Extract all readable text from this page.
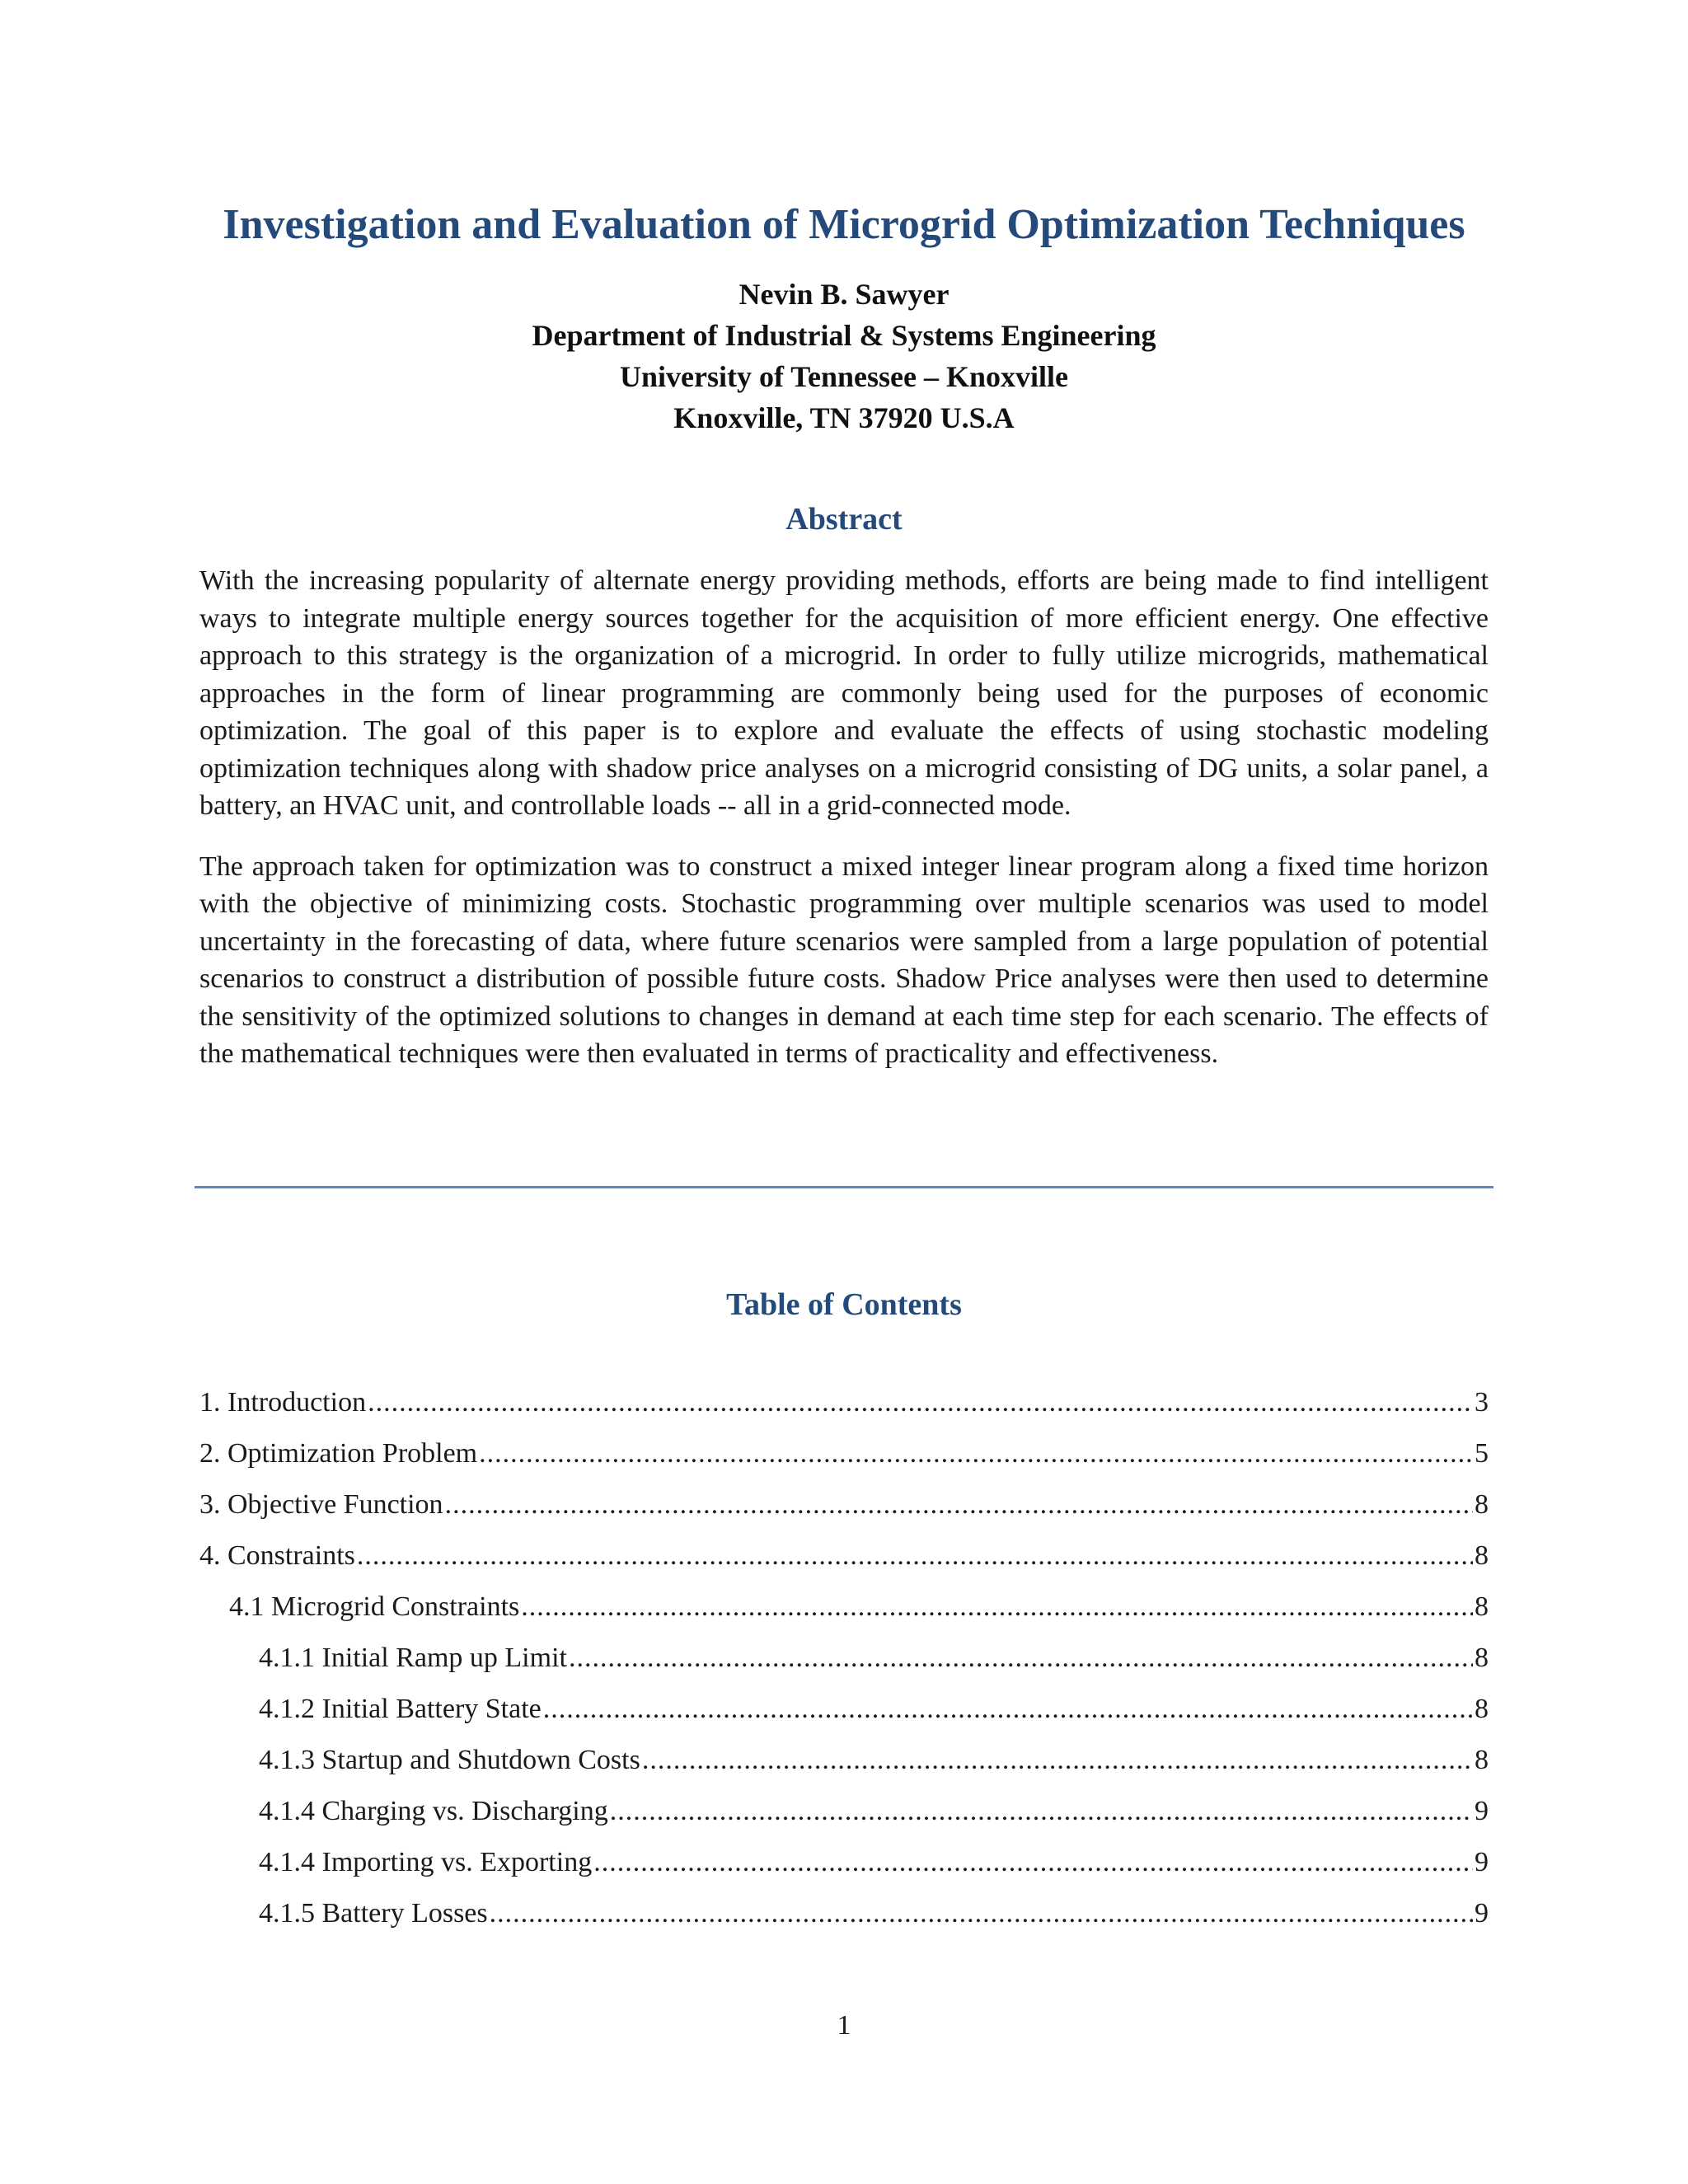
Investigation and Evaluation of Microgrid Optimization Techniques
Nevin B. Sawyer
Department of Industrial & Systems Engineering
University of Tennessee – Knoxville
Knoxville, TN 37920 U.S.A
Abstract

With the increasing popularity of alternate energy providing methods, efforts are being made to find intelligent ways to integrate multiple energy sources together for the acquisition of more efficient energy. One effective approach to this strategy is the organization of a microgrid. In order to fully utilize microgrids, mathematical approaches in the form of linear programming are commonly being used for the purposes of economic optimization. The goal of this paper is to explore and evaluate the effects of using stochastic modeling optimization techniques along with shadow price analyses on a microgrid consisting of DG units, a solar panel, a battery, an HVAC unit, and controllable loads -- all in a grid-connected mode.

The approach taken for optimization was to construct a mixed integer linear program along a fixed time horizon with the objective of minimizing costs. Stochastic programming over multiple scenarios was used to model uncertainty in the forecasting of data, where future scenarios were sampled from a large population of potential scenarios to construct a distribution of possible future costs. Shadow Price analyses were then used to determine the sensitivity of the optimized solutions to changes in demand at each time step for each scenario. The effects of the mathematical techniques were then evaluated in terms of practicality and effectiveness.

Table of Contents
1. Introduction .....	3
2. Optimization Problem .....	5
3. Objective Function .....	8
4. Constraints .....	8
4.1 Microgrid Constraints .....	8
4.1.1 Initial Ramp up Limit .....	8
4.1.2 Initial Battery State .....	8
4.1.3 Startup and Shutdown Costs .....	8
4.1.4 Charging vs. Discharging .....	9
4.1.4 Importing vs. Exporting .....	9
4.1.5 Battery Losses .....	9
1
